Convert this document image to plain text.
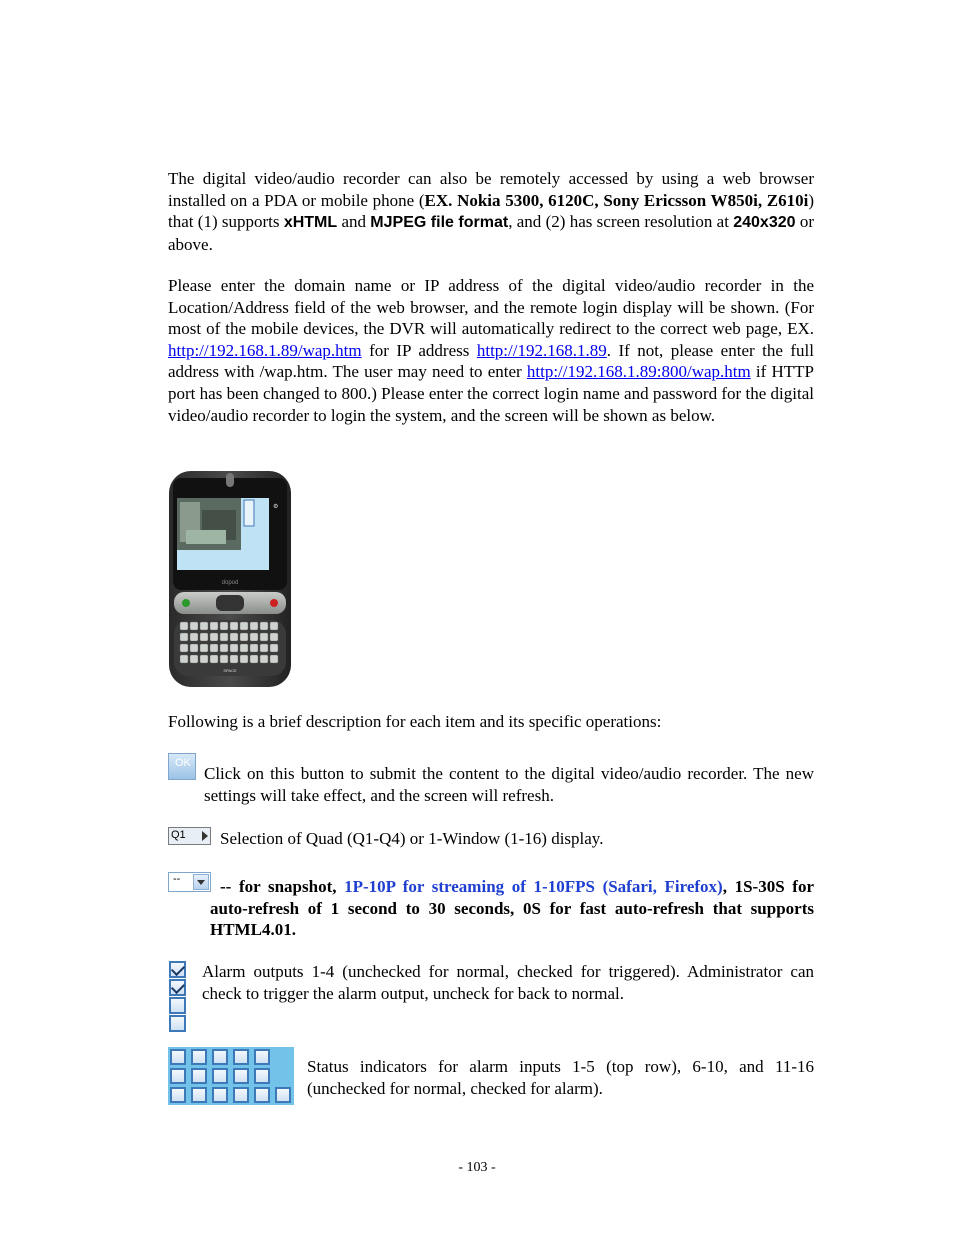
The digital video/audio recorder can also be remotely accessed by using a web browser installed on a PDA or mobile phone (EX. Nokia 5300, 6120C, Sony Ericsson W850i, Z610i) that (1) supports xHTML and MJPEG file format, and (2) has screen resolution at 240x320 or above.

Please enter the domain name or IP address of the digital video/audio recorder in the Location/Address field of the web browser, and the remote login display will be shown. (For most of the mobile devices, the DVR will automatically redirect to the correct web page, EX. http://192.168.1.89/wap.htm for IP address http://192.168.1.89. If not, please enter the full address with /wap.htm. The user may need to enter http://192.168.1.89:800/wap.htm if HTTP port has been changed to 800.) Please enter the correct login name and password for the digital video/audio recorder to login the system, and the screen will be shown as below.

⚙
dopod
SPACE

Following is a brief description for each item and its specific operations:

OK

Click on this button to submit the content to the digital video/audio recorder. The new settings will take effect, and the screen will refresh.

Q1 Selection of Quad (Q1-Q4) or 1-Window (1-16) display.

--	-- for snapshot, 1P-10P for streaming of 1-10FPS (Safari, Firefox), 1S-30S for auto-refresh of 1 second to 30 seconds, 0S for fast auto-refresh that supports HTML4.01.

Alarm outputs 1-4 (unchecked for normal, checked for triggered). Administrator can check to trigger the alarm output, uncheck for back to normal.

Status indicators for alarm inputs 1-5 (top row), 6-10, and 11-16 (unchecked for normal, checked for alarm).

- 103 -
